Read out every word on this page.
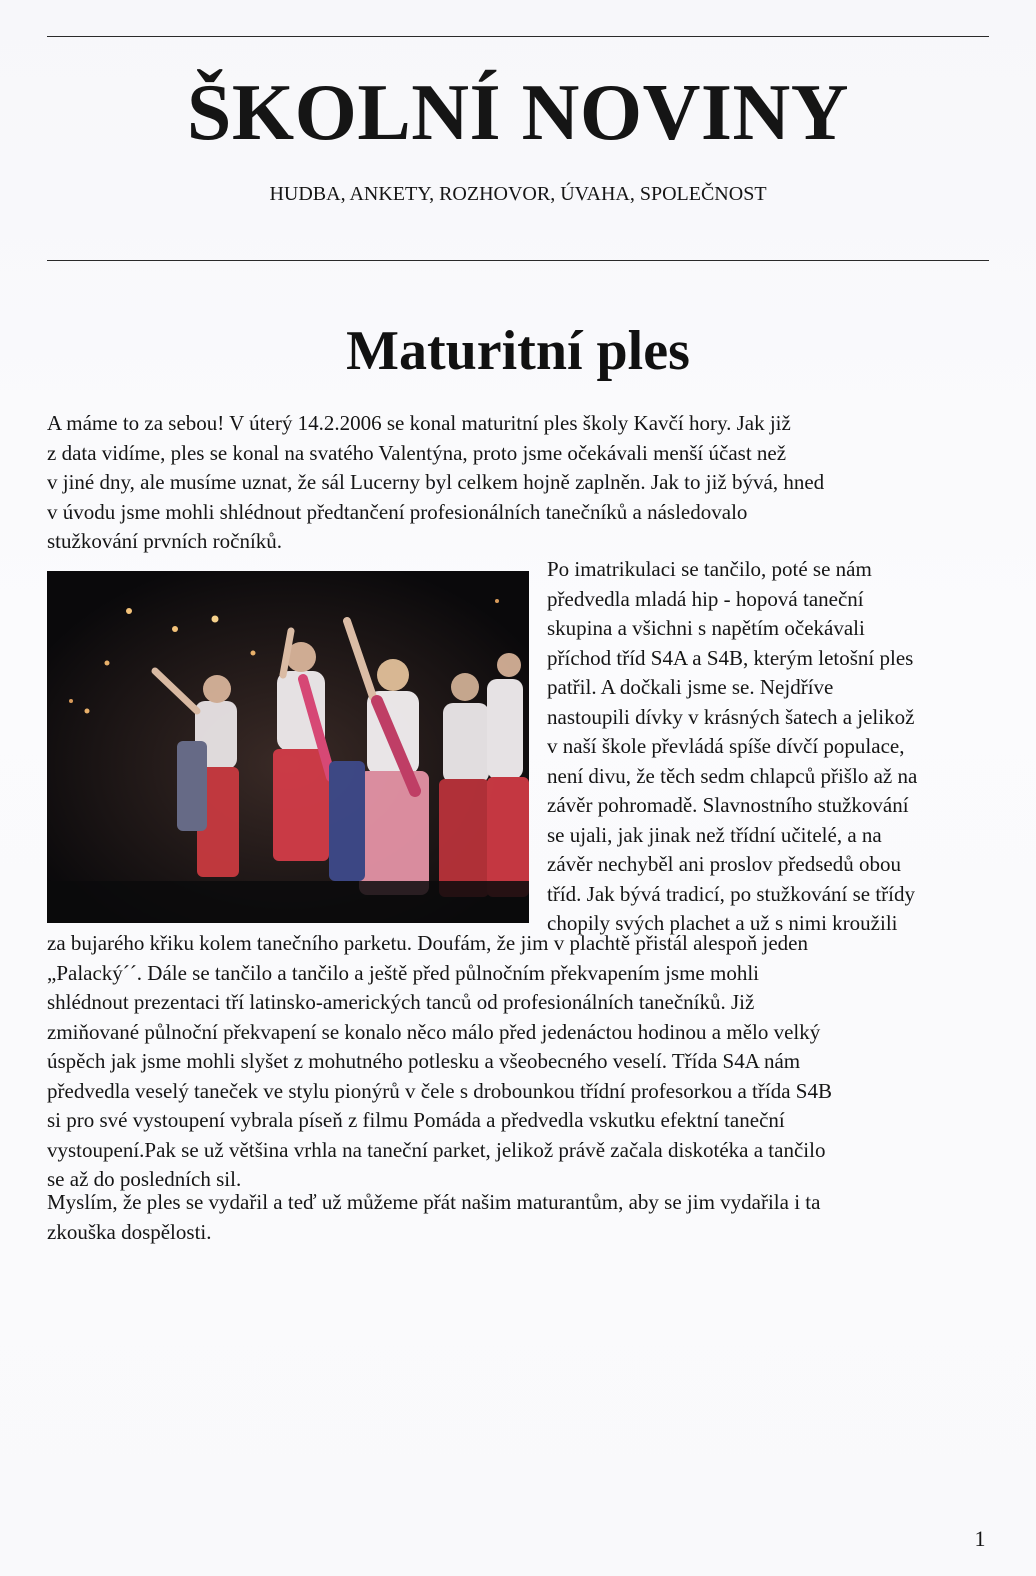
ŠKOLNÍ NOVINY
HUDBA, ANKETY, ROZHOVOR, ÚVAHA, SPOLEČNOST
Maturitní ples

A máme to za sebou! V úterý 14.2.2006 se konal maturitní ples školy Kavčí hory. Jak již

z data vidíme, ples se konal na svatého Valentýna, proto jsme očekávali menší účast než

v jiné dny, ale musíme uznat, že sál Lucerny byl celkem hojně zaplněn. Jak to již bývá, hned

v úvodu jsme mohli shlédnout předtančení profesionálních tanečníků a následovalo

stužkování prvních ročníků.

Po imatrikulaci se tančilo, poté se nám

předvedla mladá hip - hopová taneční

skupina a všichni s napětím očekávali

příchod tříd S4A a S4B, kterým letošní ples

patřil. A dočkali jsme se. Nejdříve

nastoupili dívky v krásných šatech a jelikož

v naší škole převládá spíše dívčí populace,

není divu, že těch sedm chlapců přišlo až na

závěr pohromadě. Slavnostního stužkování

se ujali, jak jinak než třídní učitelé, a na

závěr nechyběl ani proslov předsedů obou

tříd. Jak bývá tradicí, po stužkování se třídy

chopily svých plachet a už s nimi kroužili

za bujarého křiku kolem tanečního parketu. Doufám, že jim v plachtě přistál alespoň jeden

„Palacký´´. Dále se tančilo a tančilo a ještě před půlnočním překvapením jsme mohli

shlédnout prezentaci tří latinsko-amerických tanců od profesionálních tanečníků. Již

zmiňované půlnoční překvapení se konalo něco málo před jedenáctou hodinou a mělo velký

úspěch jak jsme mohli slyšet z mohutného potlesku a všeobecného veselí. Třída S4A nám

předvedla veselý taneček ve stylu pionýrů v čele s drobounkou třídní profesorkou a třída S4B

si pro své vystoupení vybrala píseň z filmu Pomáda a předvedla vskutku efektní taneční

vystoupení.Pak se už většina vrhla na taneční parket, jelikož právě začala diskotéka a tančilo

se až do posledních sil.

Myslím, že ples se vydařil a teď už můžeme přát našim maturantům, aby se jim vydařila i ta

zkouška dospělosti.

1
